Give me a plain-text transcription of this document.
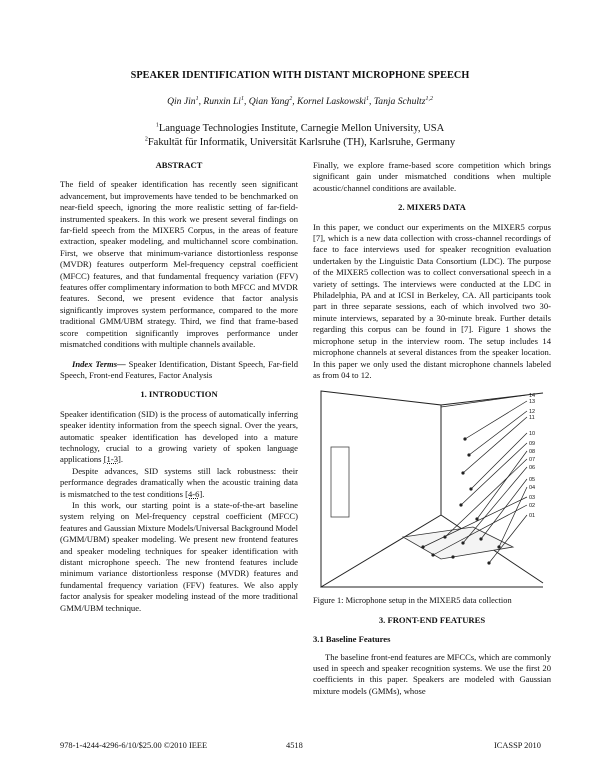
SPEAKER IDENTIFICATION WITH DISTANT MICROPHONE SPEECH
Qin Jin$^1$, Runxin Li$^1$, Qian Yang$^2$, Kornel Laskowski$^1$, Tanja Schultz$^{1,2}$
$^1$Language Technologies Institute, Carnegie Mellon University, USA
$^2$Fakultät für Informatik, Universität Karlsruhe (TH), Karlsruhe, Germany
ABSTRACT

The field of speaker identification has recently seen significant advancement, but improvements have tended to be benchmarked on near-field speech, ignoring the more realistic setting of far-field-instrumented speakers. In this work we present several findings on far-field speech from the MIXER5 Corpus, in the areas of feature extraction, speaker modeling, and multichannel score combination. First, we observe that minimum-variance distortionless response (MVDR) features outperform Mel-frequency cepstral coefficient (MFCC) features, and that fundamental frequency variation (FFV) features offer complimentary information to both MFCC and MVDR features. Second, we present evidence that factor analysis significantly improves system performance, compared to the more traditional GMM/UBM strategy. Third, we find that frame-based score competition significantly improves performance under mismatched conditions with multiple channels available.

Index Terms— Speaker Identification, Distant Speech, Far-field Speech, Front-end Features, Factor Analysis

1. INTRODUCTION

Speaker identification (SID) is the process of automatically inferring speaker identity information from the speech signal. Over the years, automatic speaker identification has developed into a mature technology, crucial to a growing variety of spoken language applications [1-3].

Despite advances, SID systems still lack robustness: their performance degrades dramatically when the acoustic training data is mismatched to the test conditions [4-6].

In this work, our starting point is a state-of-the-art baseline system relying on Mel-frequency cepstral coefficient (MFCC) features and Gaussian Mixture Models/Universal Background Model (GMM/UBM) speaker modeling. We present new frontend features and speaker modeling techniques for speaker identification with distant microphone speech. The new frontend features include minimum variance distortionless response (MVDR) features and fundamental frequency variation (FFV) features. We also apply factor analysis for speaker modeling instead of the more traditional GMM/UBM technique.

Finally, we explore frame-based score competition which brings significant gain under mismatched conditions when multiple acoustic/channel conditions are available.

2. MIXER5 DATA

In this paper, we conduct our experiments on the MIXER5 corpus [7], which is a new data collection with cross-channel recordings of face to face interviews used for speaker recognition evaluation undertaken by the Linguistic Data Consortium (LDC). The purpose of the MIXER5 collection was to collect conversational speech in a variety of settings. The interviews were conducted at the LDC in Philadelphia, PA and at ICSI in Berkeley, CA. All participants took part in three separate sessions, each of which involved two 30-minute interviews, separated by a 30-minute break. Further details regarding this corpus can be found in [7]. Figure 1 shows the microphone setup in the interview room. The setup includes 14 microphone channels at several distances from the speaker location. In this paper we only used the distant microphone channels labeled as from 04 to 12.

14
13
12
11
10
09
08
07
06
05
04
03
02
01

Figure 1: Microphone setup in the MIXER5 data collection

3. FRONT-END FEATURES
3.1 Baseline Features

The baseline front-end features are MFCCs, which are commonly used in speech and speaker recognition systems. We use the first 20 coefficients in this paper. Speakers are modeled with Gaussian mixture models (GMMs), whose

978-1-4244-4296-6/10/$25.00 ©2010 IEEE	4518	ICASSP 2010
